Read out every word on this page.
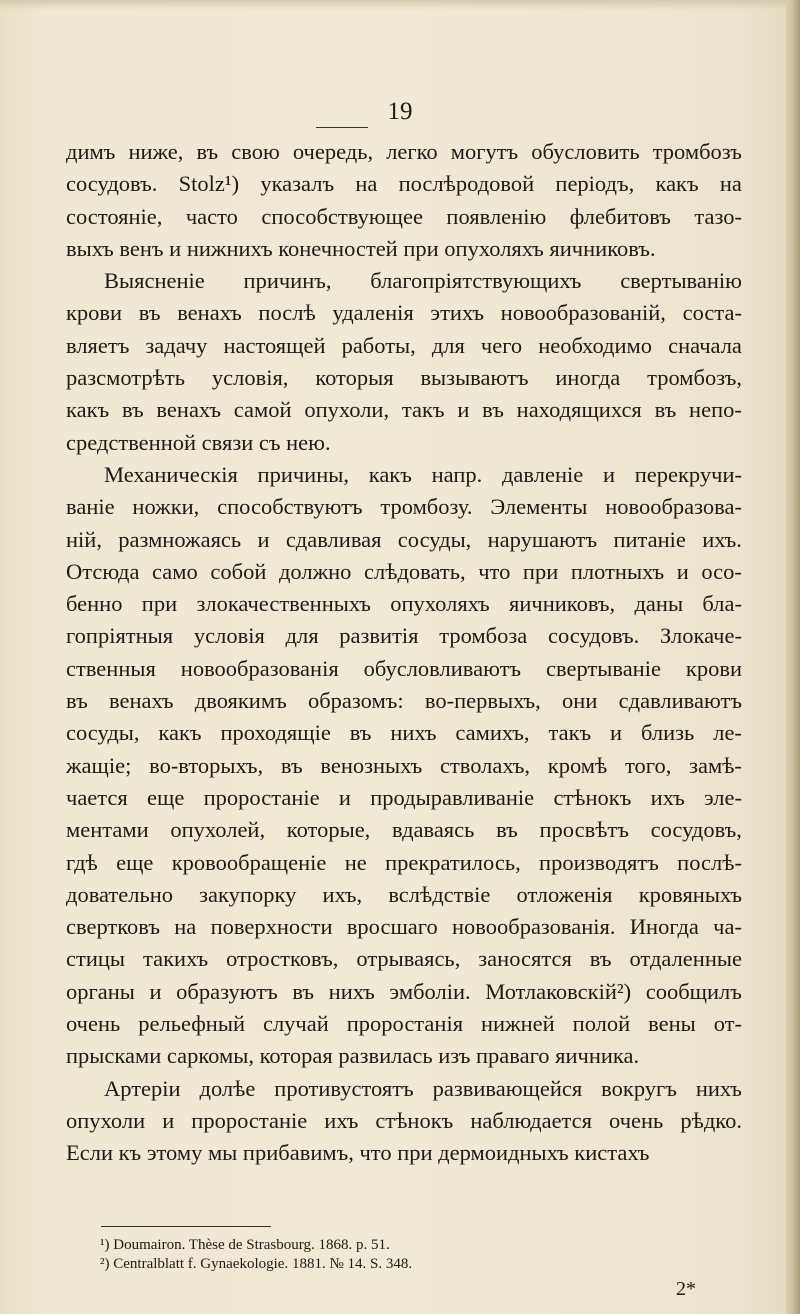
19
димъ ниже, въ свою очередь, легко могутъ обусловить тромбозъ
сосудовъ. Stolz¹) указалъ на послѣродовой періодъ, какъ на
состояніе, часто способствующее появленію флебитовъ тазо-
выхъ венъ и нижнихъ конечностей при опухоляхъ яичниковъ.
Выясненіе причинъ, благопріятствующихъ свертыванію
крови въ венахъ послѣ удаленія этихъ новообразованій, соста-
вляетъ задачу настоящей работы, для чего необходимо сначала
разсмотрѣть условія, которыя вызываютъ иногда тромбозъ,
какъ въ венахъ самой опухоли, такъ и въ находящихся въ непо-
средственной связи съ нею.
Механическія причины, какъ напр. давленіе и перекручи-
ваніе ножки, способствуютъ тромбозу. Элементы новообразова-
ній, размножаясь и сдавливая сосуды, нарушаютъ питаніе ихъ.
Отсюда само собой должно слѣдовать, что при плотныхъ и осо-
бенно при злокачественныхъ опухоляхъ яичниковъ, даны бла-
гопріятныя условія для развитія тромбоза сосудовъ. Злокаче-
ственныя новообразованія обусловливаютъ свертываніе крови
въ венахъ двоякимъ образомъ: во-первыхъ, они сдавливаютъ
сосуды, какъ проходящіе въ нихъ самихъ, такъ и близь ле-
жащіе; во-вторыхъ, въ венозныхъ стволахъ, кромѣ того, замѣ-
чается еще проростаніе и продыравливаніе стѣнокъ ихъ эле-
ментами опухолей, которые, вдаваясь въ просвѣтъ сосудовъ,
гдѣ еще кровообращеніе не прекратилось, производятъ послѣ-
довательно закупорку ихъ, вслѣдствіе отложенія кровяныхъ
свертковъ на поверхности вросшаго новообразованія. Иногда ча-
стицы такихъ отростковъ, отрываясь, заносятся въ отдаленные
органы и образуютъ въ нихъ эмболіи. Мотлаковскій²) сообщилъ
очень рельефный случай проростанія нижней полой вены от-
прысками саркомы, которая развилась изъ праваго яичника.
Артеріи долѣе противустоятъ развивающейся вокругъ нихъ
опухоли и проростаніе ихъ стѣнокъ наблюдается очень рѣдко.
Если къ этому мы прибавимъ, что при дермоидныхъ кистахъ
¹) Doumairon. Thèse de Strasbourg. 1868. p. 51.
²) Centralblatt f. Gynaekologie. 1881. № 14. S. 348.
2*
